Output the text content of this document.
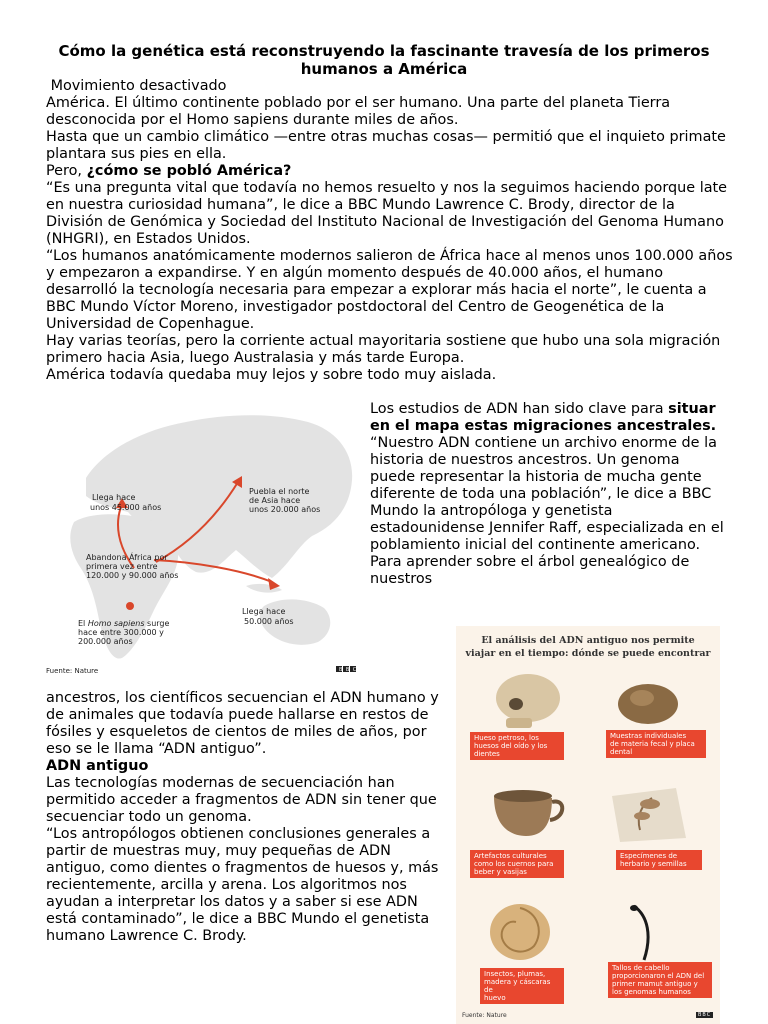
Cómo la genética está reconstruyendo la fascinante travesía de los primeros humanos a América

Movimiento desactivado

América. El último continente poblado por el ser humano. Una parte del planeta Tierra desconocida por el Homo sapiens durante miles de años.

Hasta que un cambio climático —entre otras muchas cosas— permitió que el inquieto primate plantara sus pies en ella.

Pero, ¿cómo se pobló América?

“Es una pregunta vital que todavía no hemos resuelto y nos la seguimos haciendo porque late en nuestra curiosidad humana”, le dice a BBC Mundo Lawrence C. Brody, director de la División de Genómica y Sociedad del Instituto Nacional de Investigación del Genoma Humano (NHGRI), en Estados Unidos.

“Los humanos anatómicamente modernos salieron de África hace al menos unos 100.000 años y empezaron a expandirse. Y en algún momento después de 40.000 años, el humano desarrolló la tecnología necesaria para empezar a explorar más hacia el norte”, le cuenta a BBC Mundo Víctor Moreno, investigador postdoctoral del Centro de Geogenética de la Universidad de Copenhague.

Hay varias teorías, pero la corriente actual mayoritaria sostiene que hubo una sola migración primero hacia Asia, luego Australasia y más tarde Europa.

América todavía quedaba muy lejos y sobre todo muy aislada.

Llega hace
unos 45.000 años
Puebla el norte
de Asia hace
unos 20.000 años
Abandona África por
primera vez entre
120.000 y 90.000 años
Llega hace
50.000 años
El Homo sapiens surge
hace entre 300.000 y
200.000 años
Fuente: Nature	BBC

Los estudios de ADN han sido clave para situar en el mapa estas migraciones ancestrales.

“Nuestro ADN contiene un archivo enorme de la historia de nuestros ancestros. Un genoma puede representar la historia de mucha gente diferente de toda una población”, le dice a BBC Mundo la antropóloga y genetista estadounidense Jennifer Raff, especializada en el poblamiento inicial del continente americano.

Para aprender sobre el árbol genealógico de nuestros

ancestros, los científicos secuencian el ADN humano y de animales que todavía puede hallarse en restos de fósiles y esqueletos de cientos de miles de años, por eso se le llama “ADN antiguo”.

ADN antiguo

Las tecnologías modernas de secuenciación han permitido acceder a fragmentos de ADN sin tener que secuenciar todo un genoma.

“Los antropólogos obtienen conclusiones generales a partir de muestras muy, muy pequeñas de ADN antiguo, como dientes o fragmentos de huesos y, más recientemente, arcilla y arena. Los algoritmos nos ayudan a interpretar los datos y a saber si ese ADN está contaminado”, le dice a BBC Mundo el genetista humano Lawrence C. Brody.

El análisis del ADN antiguo nos permite
viajar en el tiempo: dónde se puede encontrar
Hueso petroso, los
huesos del oído y los
dientes
Muestras individuales
de materia fecal y placa
dental
Artefactos culturales
como los cuernos para
beber y vasijas
Especímenes de
herbario y semillas
Insectos, plumas,
madera y cáscaras de
huevo
Tallos de cabello
proporcionaron el ADN del
primer mamut antiguo y
los genomas humanos
Fuente: Nature	BBC
